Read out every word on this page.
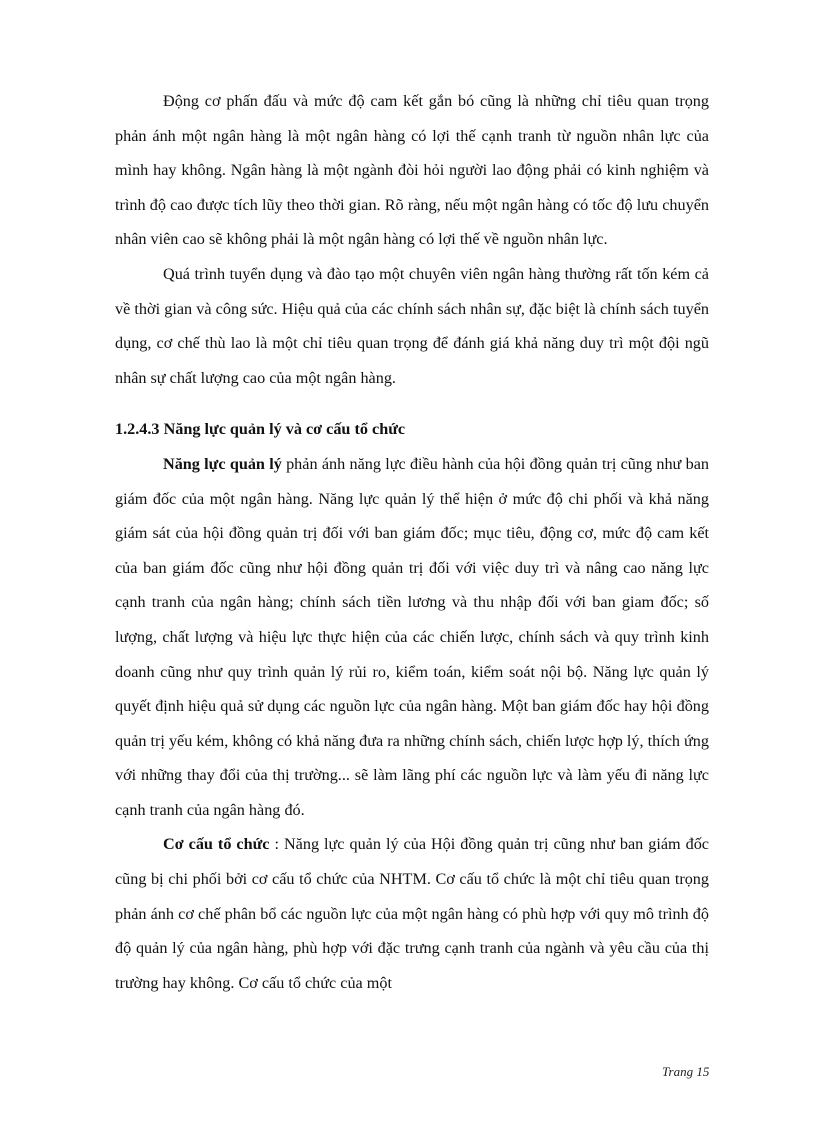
Động cơ phấn đấu và mức độ cam kết gắn bó cũng là những chỉ tiêu quan trọng phản ánh một ngân hàng là một ngân hàng có lợi thế cạnh tranh từ nguồn nhân lực của mình hay không. Ngân hàng là một ngành đòi hỏi người lao động phải có kinh nghiệm và trình độ cao được tích lũy theo thời gian. Rõ ràng, nếu một ngân hàng có tốc độ lưu chuyển nhân viên cao sẽ không phải là một ngân hàng có lợi thế về nguồn nhân lực.

Quá trình tuyển dụng và đào tạo một chuyên viên ngân hàng thường rất tốn kém cả về thời gian và công sức. Hiệu quả của các chính sách nhân sự, đặc biệt là chính sách tuyển dụng, cơ chế thù lao là một chỉ tiêu quan trọng để đánh giá khả năng duy trì một đội ngũ nhân sự chất lượng cao của một ngân hàng.

1.2.4.3 Năng lực quản lý và cơ cấu tổ chức

Năng lực quản lý phản ánh năng lực điều hành của hội đồng quản trị cũng như ban giám đốc của một ngân hàng. Năng lực quản lý thể hiện ở mức độ chi phối và khả năng giám sát của hội đồng quản trị đối với ban giám đốc; mục tiêu, động cơ, mức độ cam kết của ban giám đốc cũng như hội đồng quản trị đối với việc duy trì và nâng cao năng lực cạnh tranh của ngân hàng; chính sách tiền lương và thu nhập đối với ban giam đốc; số lượng, chất lượng và hiệu lực thực hiện của các chiến lược, chính sách và quy trình kinh doanh cũng như quy trình quản lý rủi ro, kiểm toán, kiểm soát nội bộ. Năng lực quản lý quyết định hiệu quả sử dụng các nguồn lực của ngân hàng. Một ban giám đốc hay hội đồng quản trị yếu kém, không có khả năng đưa ra những chính sách, chiến lược hợp lý, thích ứng với những thay đổi của thị trường... sẽ làm lãng phí các nguồn lực và làm yếu đi năng lực cạnh tranh của ngân hàng đó.

Cơ cấu tổ chức : Năng lực quản lý của Hội đồng quản trị cũng như ban giám đốc cũng bị chi phối bởi cơ cấu tổ chức của NHTM. Cơ cấu tổ chức là một chỉ tiêu quan trọng phản ánh cơ chế phân bổ các nguồn lực của một ngân hàng có phù hợp với quy mô trình độ độ quản lý của ngân hàng, phù hợp với đặc trưng cạnh tranh của ngành và yêu cầu của thị trường hay không. Cơ cấu tổ chức của một

Trang 15
